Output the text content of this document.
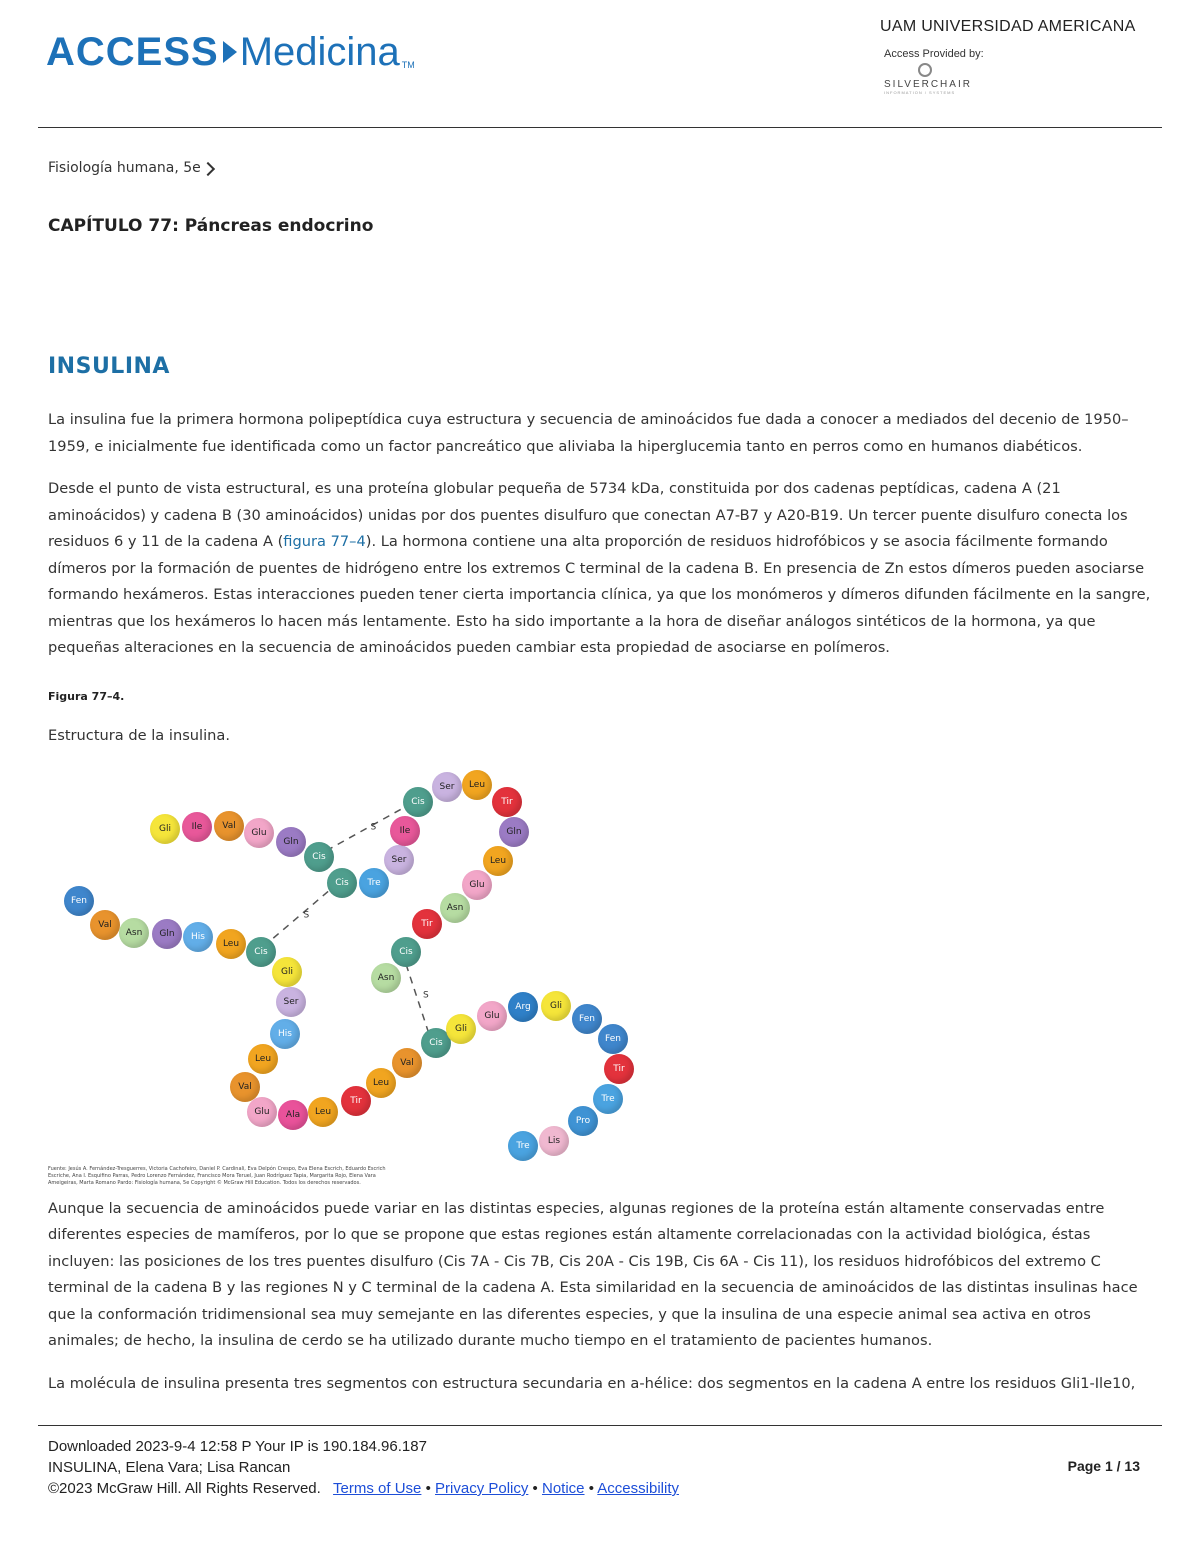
ACCESS Medicina TM
UAM UNIVERSIDAD AMERICANA
Access Provided by:
SILVERCHAIR
INFORMATION / SYSTEMS
Fisiología humana, 5e
CAPÍTULO 77: Páncreas endocrino
INSULINA

La insulina fue la primera hormona polipeptídica cuya estructura y secuencia de aminoácidos fue dada a conocer a mediados del decenio de 1950–1959, e inicialmente fue identificada como un factor pancreático que aliviaba la hiperglucemia tanto en perros como en humanos diabéticos.

Desde el punto de vista estructural, es una proteína globular pequeña de 5734 kDa, constituida por dos cadenas peptídicas, cadena A (21 aminoácidos) y cadena B (30 aminoácidos) unidas por dos puentes disulfuro que conectan A7-B7 y A20-B19. Un tercer puente disulfuro conecta los residuos 6 y 11 de la cadena A (figura 77–4). La hormona contiene una alta proporción de residuos hidrofóbicos y se asocia fácilmente formando dímeros por la formación de puentes de hidrógeno entre los extremos C terminal de la cadena B. En presencia de Zn estos dímeros pueden asociarse formando hexámeros. Estas interacciones pueden tener cierta importancia clínica, ya que los monómeros y dímeros difunden fácilmente en la sangre, mientras que los hexámeros lo hacen más lentamente. Esto ha sido importante a la hora de diseñar análogos sintéticos de la hormona, ya que pequeñas alteraciones en la secuencia de aminoácidos pueden cambiar esta propiedad de asociarse en polímeros.

Figura 77–4.
Estructura de la insulina.
S
S
S
Fuente: Jesús A. Fernández-Tresguerres, Victoria Cachofeiro, Daniel P. Cardinali, Eva Delpón Crespo, Eva Elena Escrich, Eduardo Escrich Escriche, Ana I. Esquifino Parras, Pedro Lorenzo Fernández, Francisco Mora Teruel, Juan Rodríguez Tapia, Margarita Rojo, Elena Vara Ameigeiras, Marta Romano Pardo: Fisiología humana, 5e Copyright © McGraw Hill Education. Todos los derechos reservados.
Gli	Ile	Val
Glu
Gln
Cis
Cis	Tre
Ser
Ile
Cis
Ser	Leu
Tir
Gln
Leu
Glu
Asn
Tir
Cis
Asn
Fen
Val
Asn	Gln	His
Leu
Cis
Gli
Ser
His
Leu
Val
Glu	Ala	Leu
Tir
Leu
Val
Cis
Gli
Glu
Arg	Gli
Fen
Fen
Tir
Tre
Pro
Lis
Tre

Aunque la secuencia de aminoácidos puede variar en las distintas especies, algunas regiones de la proteína están altamente conservadas entre diferentes especies de mamíferos, por lo que se propone que estas regiones están altamente correlacionadas con la actividad biológica, éstas incluyen: las posiciones de los tres puentes disulfuro (Cis 7A - Cis 7B, Cis 20A - Cis 19B, Cis 6A - Cis 11), los residuos hidrofóbicos del extremo C terminal de la cadena B y las regiones N y C terminal de la cadena A. Esta similaridad en la secuencia de aminoácidos de las distintas insulinas hace que la conformación tridimensional sea muy semejante en las diferentes especies, y que la insulina de una especie animal sea activa en otros animales; de hecho, la insulina de cerdo se ha utilizado durante mucho tiempo en el tratamiento de pacientes humanos.

La molécula de insulina presenta tres segmentos con estructura secundaria en a-hélice: dos segmentos en la cadena A entre los residuos Gli1-Ile10,

Downloaded 2023-9-4 12:58 P Your IP is 190.184.96.187
INSULINA, Elena Vara; Lisa Rancan
©2023 McGraw Hill. All Rights Reserved. Terms of Use • Privacy Policy • Notice • Accessibility
Page 1 / 13
